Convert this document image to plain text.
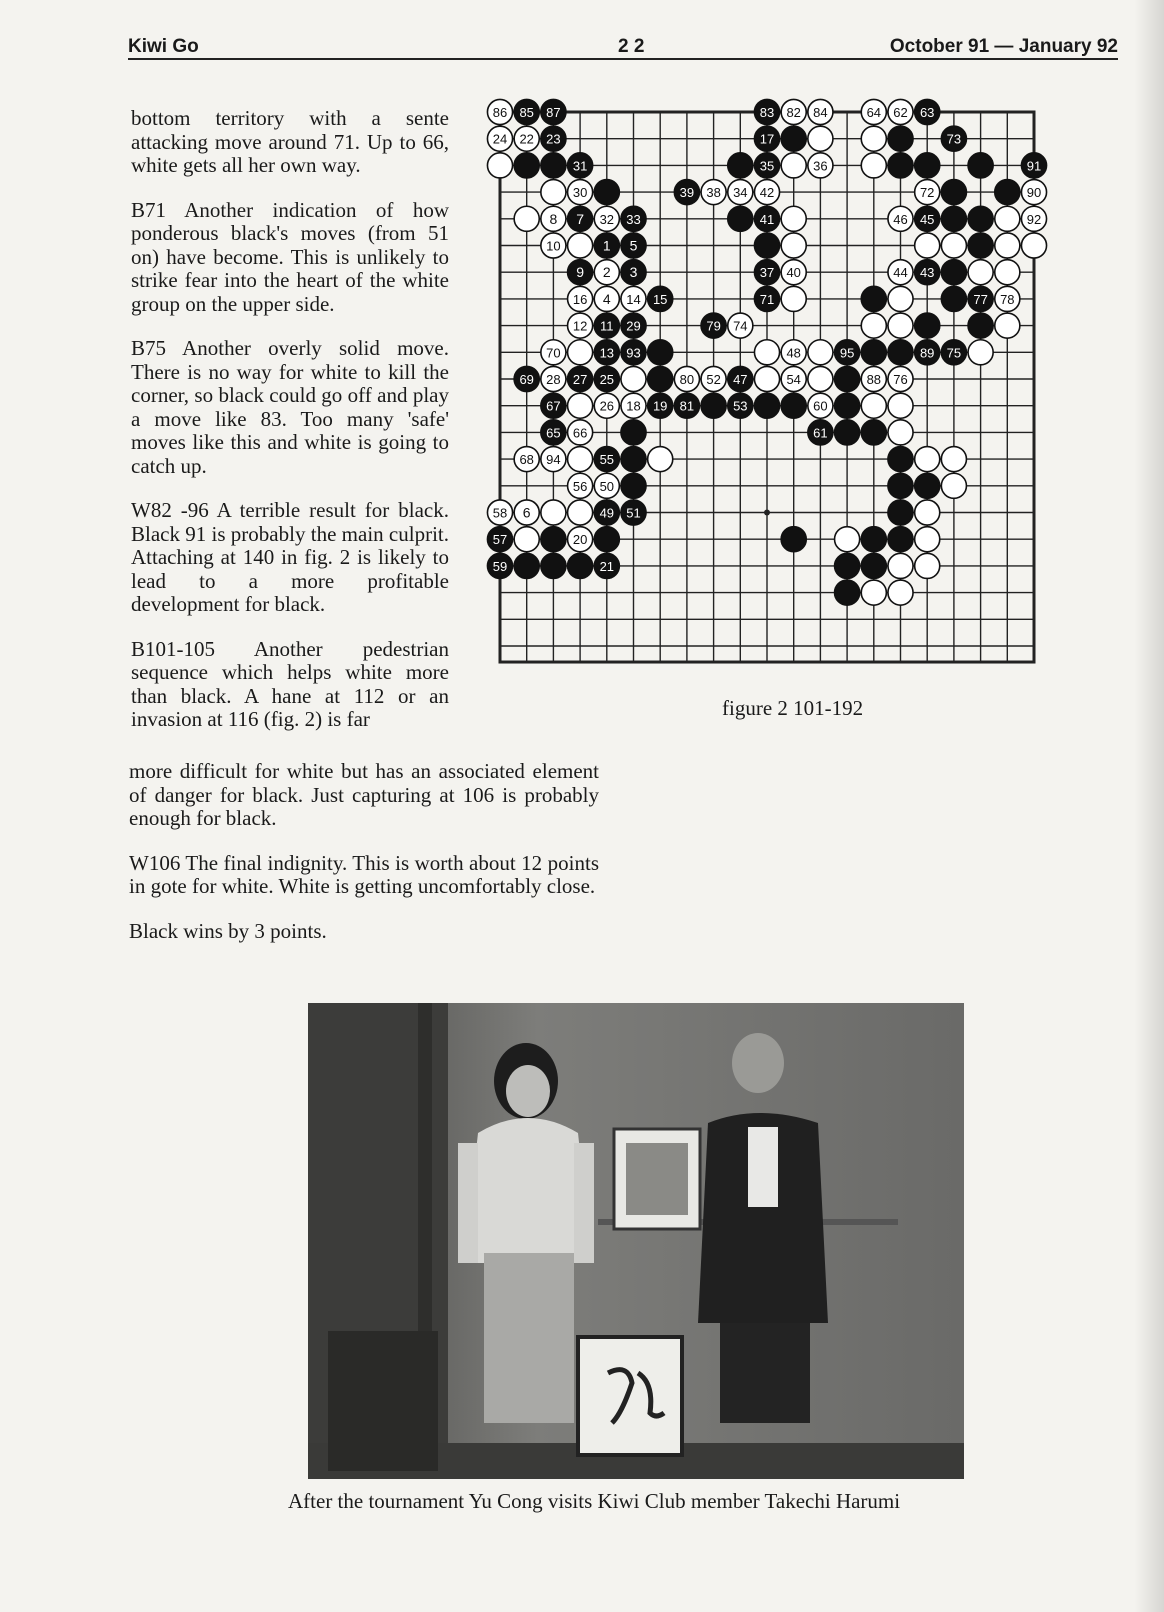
Kiwi Go	2 2	October 91 — January 92

bottom territory with a sente attacking move around 71. Up to 66, white gets all her own way.

B71 Another indication of how ponderous black's moves (from 51 on) have become. This is unlikely to strike fear into the heart of the white group on the upper side.

B75 Another overly solid move. There is no way for white to kill the corner, so black could go off and play a move like 83. Too many 'safe' moves like this and white is going to catch up.

W82 -96 A terrible result for black. Black 91 is probably the main culprit. Attaching at 140 in fig. 2 is likely to lead to a more profitable development for black.

B101-105 Another pedestrian sequence which helps white more than black. A hane at 112 or an invasion at 116 (fig. 2) is far

more difficult for white but has an associated element of danger for black. Just capturing at 106 is probably enough for black.

W106 The final indignity. This is worth about 12 points in gote for white. White is getting uncomfortably close.

Black wins by 3 points.

86 85 87	83 82 84	64 62 63
24 22 23	17	73
31	35	36	91
30	39 38 34 42	72	90
8 7 32 33	41	46 45	92
10	1 5
9 2 3	37 40	44 43
16 4 14 15	71	77 78
12 11 29	79 74
70	13 93	48	95	89 75
69 28 27 25	80 52 47	54	88 76
67	26 18 19 81	53	60
65 66	61
68 94	55
56 50
58 6	49 51
57	20
59	21
figure 2 101-192
After the tournament Yu Cong visits Kiwi Club member Takechi Harumi
